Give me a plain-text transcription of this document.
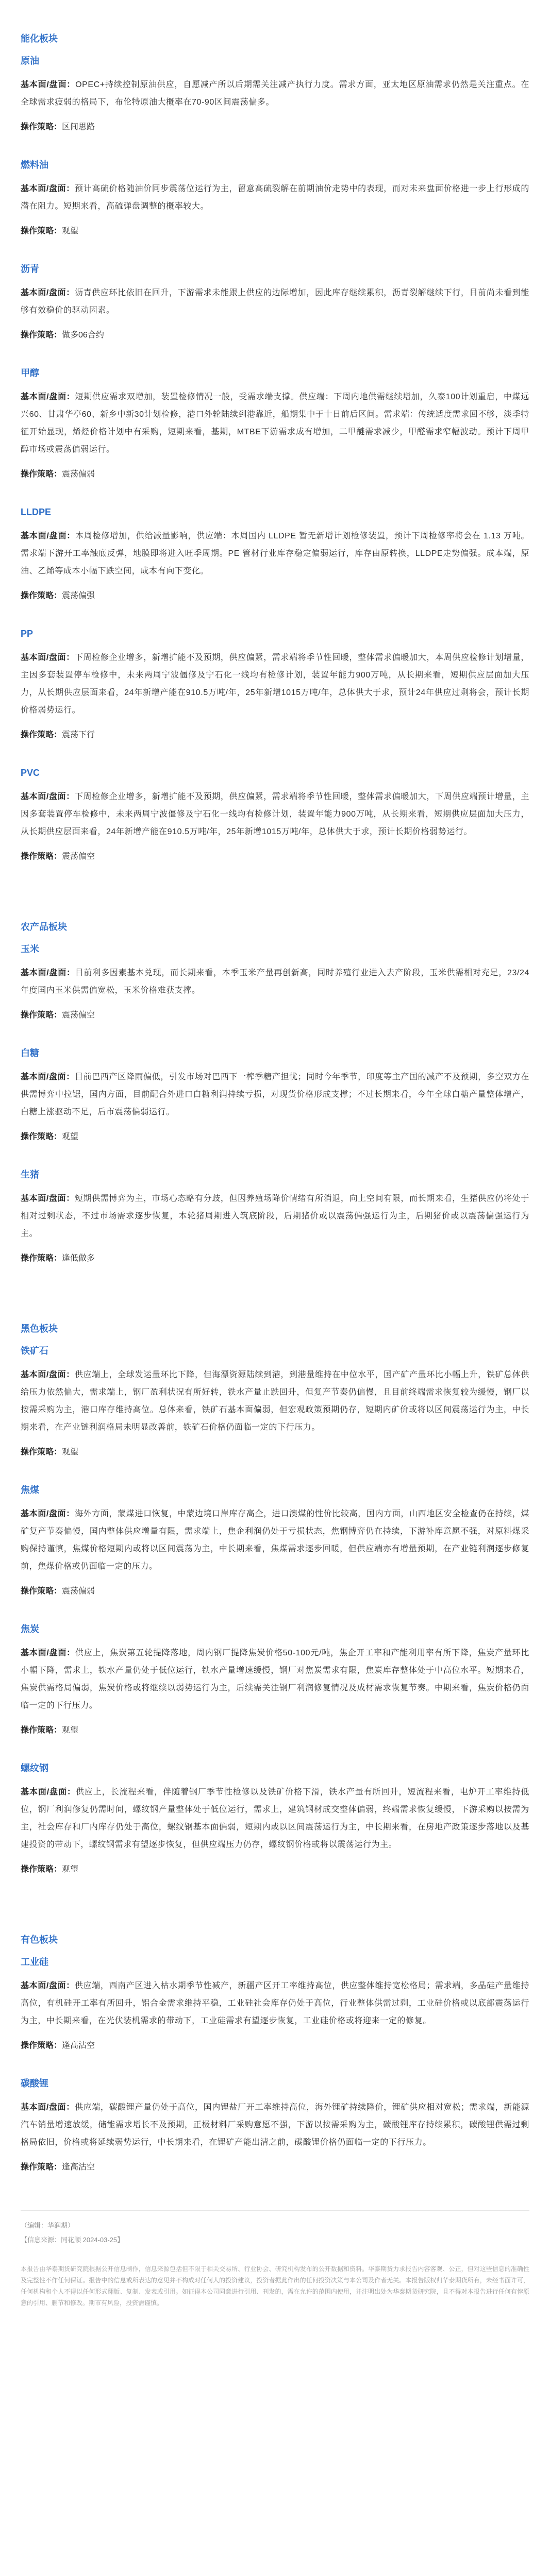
能化板块
原油

基本面/盘面：OPEC+持续控制原油供应，自愿减产所以后期需关注减产执行力度。需求方面，亚太地区原油需求仍然是关注重点。在全球需求疲弱的格局下，布伦特原油大概率在70-90区间震荡偏多。

操作策略：区间思路

燃料油

基本面/盘面：预计高硫价格随油价同步震荡位运行为主，留意高硫裂解在前期油价走势中的表现，而对未来盘面价格进一步上行形成的潜在阻力。短期来看，高硫弹盘调整的概率较大。

操作策略：观望

沥青

基本面/盘面：沥青供应环比依旧在回升，下游需求未能跟上供应的边际增加，因此库存继续累积，沥青裂解继续下行，目前尚未看到能够有效稳价的驱动因素。

操作策略：做多06合约

甲醇

基本面/盘面：短期供应需求双增加，装置检修情况一般，受需求端支撑。供应端：下周内地供需继续增加，久泰100计划重启，中煤远兴60、甘肃华亭60、新乡中新30计划检修，港口外轮陆续到港靠近，船期集中于十日前后区间。需求端：传统适度需求回不够，淡季特征开始显现，烯烃价格计划中有采购，短期来看，基期，MTBE下游需求成有增加，二甲醚需求减少，甲醛需求窄幅波动。预计下周甲醇市场或震荡偏弱运行。

操作策略：震荡偏弱

LLDPE

基本面/盘面：本周检修增加，供给减量影响，供应端：本周国内 LLDPE 暂无新增计划检修装置，预计下周检修率将会在 1.13 万吨。需求端下游开工率触底反弹，地膜即将进入旺季周期。PE 管材行业库存稳定偏弱运行，库存由原转换，LLDPE走势偏强。成本端，原油、乙烯等成本小幅下跌空间，成本有向下变化。

操作策略：震荡偏强

PP

基本面/盘面：下周检修企业增多，新增扩能不及预期，供应偏紧，需求端将季节性回暖，整体需求偏暖加大，本周供应检修计划增量，主因多套装置停车检修中，未来两周宁波僵修及宁石化一线均有检修计划，装置年能力900万吨，从长期来看，短期供应层面加大压力，从长期供应层面来看，24年新增产能在910.5万吨/年，25年新增1015万吨/年，总体供大于求，预计24年供应过剩将会，预计长期价格弱势运行。

操作策略：震荡下行

PVC

基本面/盘面：下周检修企业增多，新增扩能不及预期，供应偏紧，需求端将季节性回暖，整体需求偏暖加大，下周供应端预计增量，主因多套装置停车检修中，未来两周宁波僵修及宁石化一线均有检修计划，装置年能力900万吨，从长期来看，短期供应层面加大压力，从长期供应层面来看，24年新增产能在910.5万吨/年，25年新增1015万吨/年，总体供大于求，预计长期价格弱势运行。

操作策略：震荡偏空

农产品板块
玉米

基本面/盘面：目前利多因素基本兑现，而长期来看，本季玉米产量再创新高，同时养殖行业进入去产阶段，玉米供需相对充足，23/24年度国内玉米供需偏宽松，玉米价格难获支撑。

操作策略：震荡偏空

白糖

基本面/盘面：目前巴西产区降雨偏低，引发市场对巴西下一榨季糖产担忧；同时今年季节，印度等主产国的减产不及预期，多空双方在供需博弈中拉锯，国内方面，目前配合外进口白糖利润持续亏损，对现货价格形成支撑；不过长期来看，今年全球白糖产量整体增产，白糖上涨驱动不足，后市震荡偏弱运行。

操作策略：观望

生猪

基本面/盘面：短期供需博弈为主，市场心态略有分歧，但因养殖场降价情绪有所消退，向上空间有限，而长期来看，生猪供应仍将处于相对过剩状态，不过市场需求逐步恢复，本轮猪周期进入筑底阶段，后期猪价或以震荡偏强运行为主，后期猪价或以震荡偏强运行为主。

操作策略：逢低做多

黑色板块
铁矿石

基本面/盘面：供应端上，全球发运量环比下降，但海漂资源陆续到港，到港量维持在中位水平，国产矿产量环比小幅上升，铁矿总体供给压力依然偏大，需求端上，钢厂盈利状况有所好转，铁水产量止跌回升，但复产节奏仍偏慢，且目前终端需求恢复较为缓慢，钢厂以按需采购为主，港口库存维持高位。总体来看，铁矿石基本面偏弱，但宏观政策预期仍存，短期内矿价或将以区间震荡运行为主，中长期来看，在产业链利润格局未明显改善前，铁矿石价格仍面临一定的下行压力。

操作策略：观望

焦煤

基本面/盘面：海外方面，蒙煤进口恢复，中蒙边境口岸库存高企，进口澳煤的性价比较高，国内方面，山西地区安全检查仍在持续，煤矿复产节奏偏慢，国内整体供应增量有限，需求端上，焦企利润仍处于亏损状态，焦钢博弈仍在持续，下游补库意愿不强，对原料煤采购保持谨慎，焦煤价格短期内或将以区间震荡为主，中长期来看，焦煤需求逐步回暖，但供应端亦有增量预期，在产业链利润逐步修复前，焦煤价格或仍面临一定的压力。

操作策略：震荡偏弱

焦炭

基本面/盘面：供应上，焦炭第五轮提降落地，周内钢厂提降焦炭价格50-100元/吨，焦企开工率和产能利用率有所下降，焦炭产量环比小幅下降，需求上，铁水产量仍处于低位运行，铁水产量增速缓慢，钢厂对焦炭需求有限，焦炭库存整体处于中高位水平。短期来看，焦炭供需格局偏弱，焦炭价格或将继续以弱势运行为主，后续需关注钢厂利润修复情况及成材需求恢复节奏。中期来看，焦炭价格仍面临一定的下行压力。

操作策略：观望

螺纹钢

基本面/盘面：供应上，长流程来看，伴随着钢厂季节性检修以及铁矿价格下滑，铁水产量有所回升，短流程来看，电炉开工率维持低位，钢厂利润修复仍需时间，螺纹钢产量整体处于低位运行，需求上，建筑钢材成交整体偏弱，终端需求恢复缓慢，下游采购以按需为主，社会库存和厂内库存仍处于高位，螺纹钢基本面偏弱，短期内或以区间震荡运行为主，中长期来看，在房地产政策逐步落地以及基建投资的带动下，螺纹钢需求有望逐步恢复，但供应端压力仍存，螺纹钢价格或将以震荡运行为主。

操作策略：观望

有色板块
工业硅

基本面/盘面：供应端，西南产区进入枯水期季节性减产，新疆产区开工率维持高位，供应整体维持宽松格局；需求端，多晶硅产量维持高位，有机硅开工率有所回升，铝合金需求维持平稳，工业硅社会库存仍处于高位，行业整体供需过剩，工业硅价格或以底部震荡运行为主，中长期来看，在光伏装机需求的带动下，工业硅需求有望逐步恢复，工业硅价格或将迎来一定的修复。

操作策略：逢高沽空

碳酸锂

基本面/盘面：供应端，碳酸锂产量仍处于高位，国内锂盐厂开工率维持高位，海外锂矿持续降价，锂矿供应相对宽松；需求端，新能源汽车销量增速放缓，储能需求增长不及预期，正极材料厂采购意愿不强，下游以按需采购为主，碳酸锂库存持续累积，碳酸锂供需过剩格局依旧，价格或将延续弱势运行，中长期来看，在锂矿产能出清之前，碳酸锂价格仍面临一定的下行压力。

操作策略：逢高沽空

（编辑：华润期）

【信息来源：同花顺 2024-03-25】

本报告由华泰期货研究院根据公开信息制作，信息来源包括但不限于相关交易所、行业协会、研究机构发布的公开数据和资料。华泰期货力求报告内容客观、公正，但对这些信息的准确性及完整性不作任何保证。报告中的信息或所表达的意见并不构成对任何人的投资建议，投资者据此作出的任何投资决策与本公司及作者无关。本报告版权归华泰期货所有，未经书面许可，任何机构和个人不得以任何形式翻版、复制、发表或引用。如征得本公司同意进行引用、刊发的，需在允许的范围内使用，并注明出处为华泰期货研究院，且不得对本报告进行任何有悖原意的引用、删节和修改。期市有风险，投资需谨慎。
